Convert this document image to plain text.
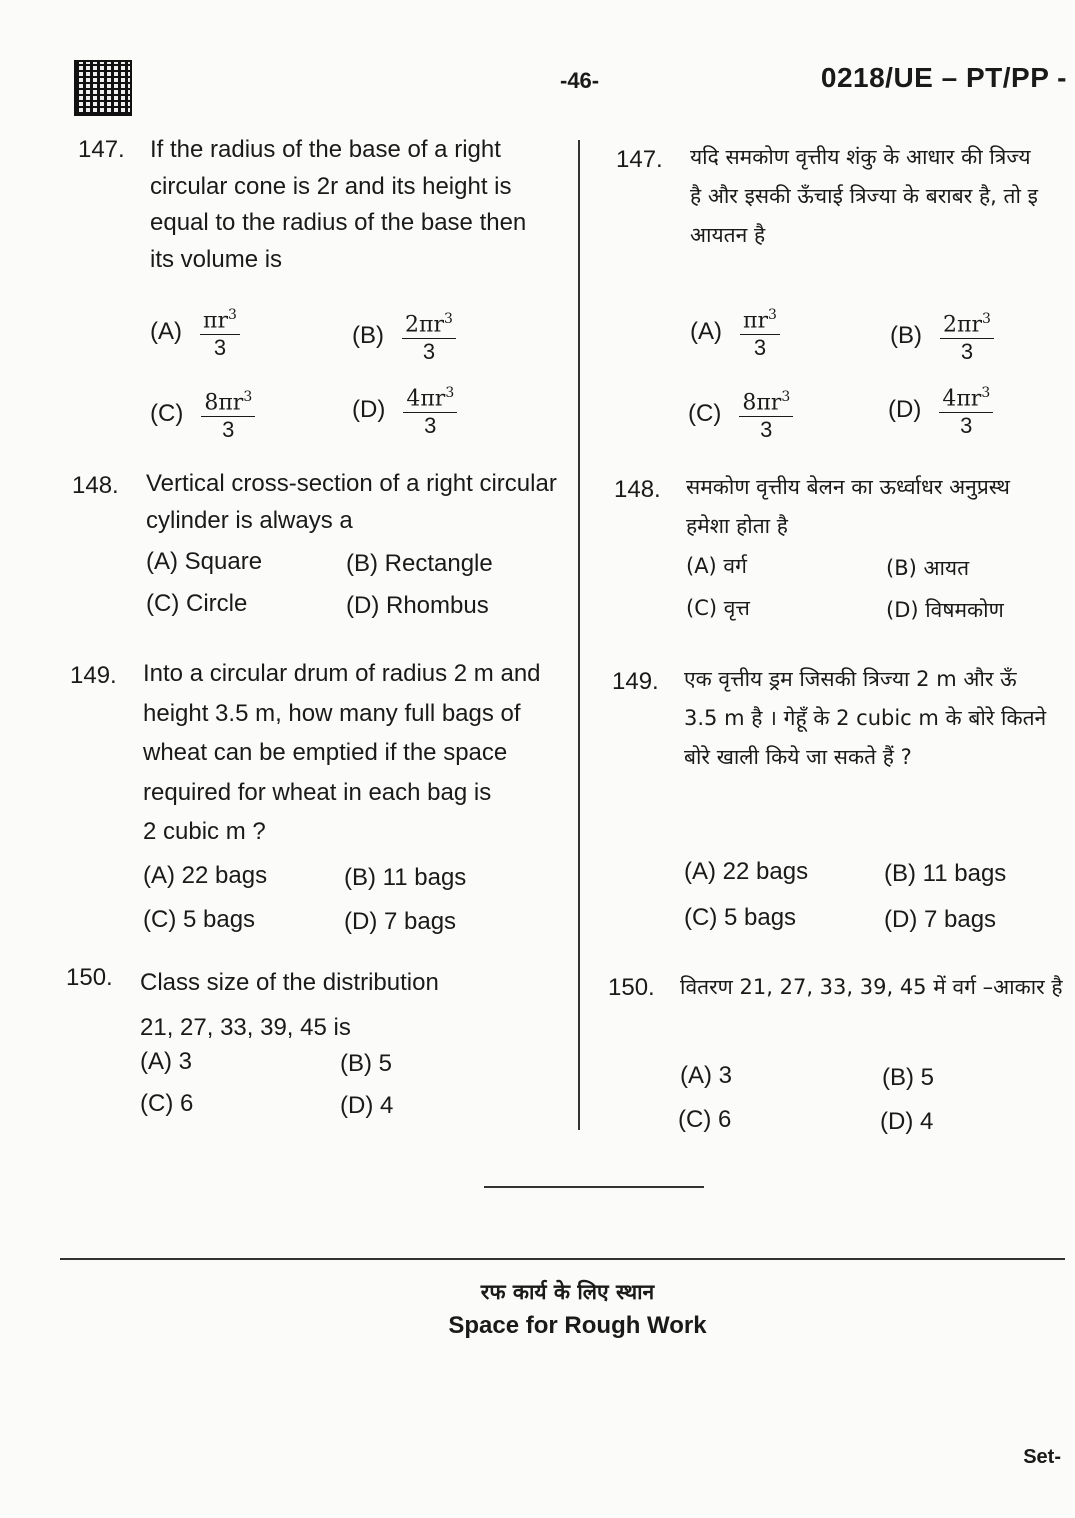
-46-	0218/UE – PT/PP -
147. If the radius of the base of a right
circular cone is 2r and its height is
equal to the radius of the base then
its volume is
$(A) \frac{\pi r^3}{3}$	$(B) \frac{2\pi r^3}{3}$
$(C) \frac{8\pi r^3}{3}$	$(D) \frac{4\pi r^3}{3}$
148. Vertical cross-section of a right circular
cylinder is always a
(A) Square	(B) Rectangle
(C) Circle	(D) Rhombus
149. Into a circular drum of radius 2 m and
height 3.5 m, how many full bags of
wheat can be emptied if the space
required for wheat in each bag is
2 cubic m ?
(A) 22 bags	(B) 11 bags
(C) 5 bags	(D) 7 bags
150. Class size of the distribution
21, 27, 33, 39, 45 is
(A) 3	(B) 5
(C) 6	(D) 4
147. यदि समकोण वृत्तीय शंकु के आधार की त्रिज्य
है और इसकी ऊँचाई त्रिज्या के बराबर है, तो इ
आयतन है
$(A) \frac{\pi r^3}{3}$	$(B) \frac{2\pi r^3}{3}$
$(C) \frac{8\pi r^3}{3}$	$(D) \frac{4\pi r^3}{3}$
148. समकोण वृत्तीय बेलन का ऊर्ध्वाधर अनुप्रस्थ
हमेशा होता है
(A) वर्ग	(B) आयत
(C) वृत्त	(D) विषमकोण
149. एक वृत्तीय ड्रम जिसकी त्रिज्या 2 m और ऊँ
3.5 m है । गेहूँ के 2 cubic m के बोरे कितने
बोरे खाली किये जा सकते हैं ?
(A) 22 bags	(B) 11 bags
(C) 5 bags	(D) 7 bags
150. वितरण 21, 27, 33, 39, 45 में वर्ग –आकार है
(A) 3	(B) 5
(C) 6	(D) 4
रफ कार्य के लिए स्थान
Space for Rough Work
Set-
